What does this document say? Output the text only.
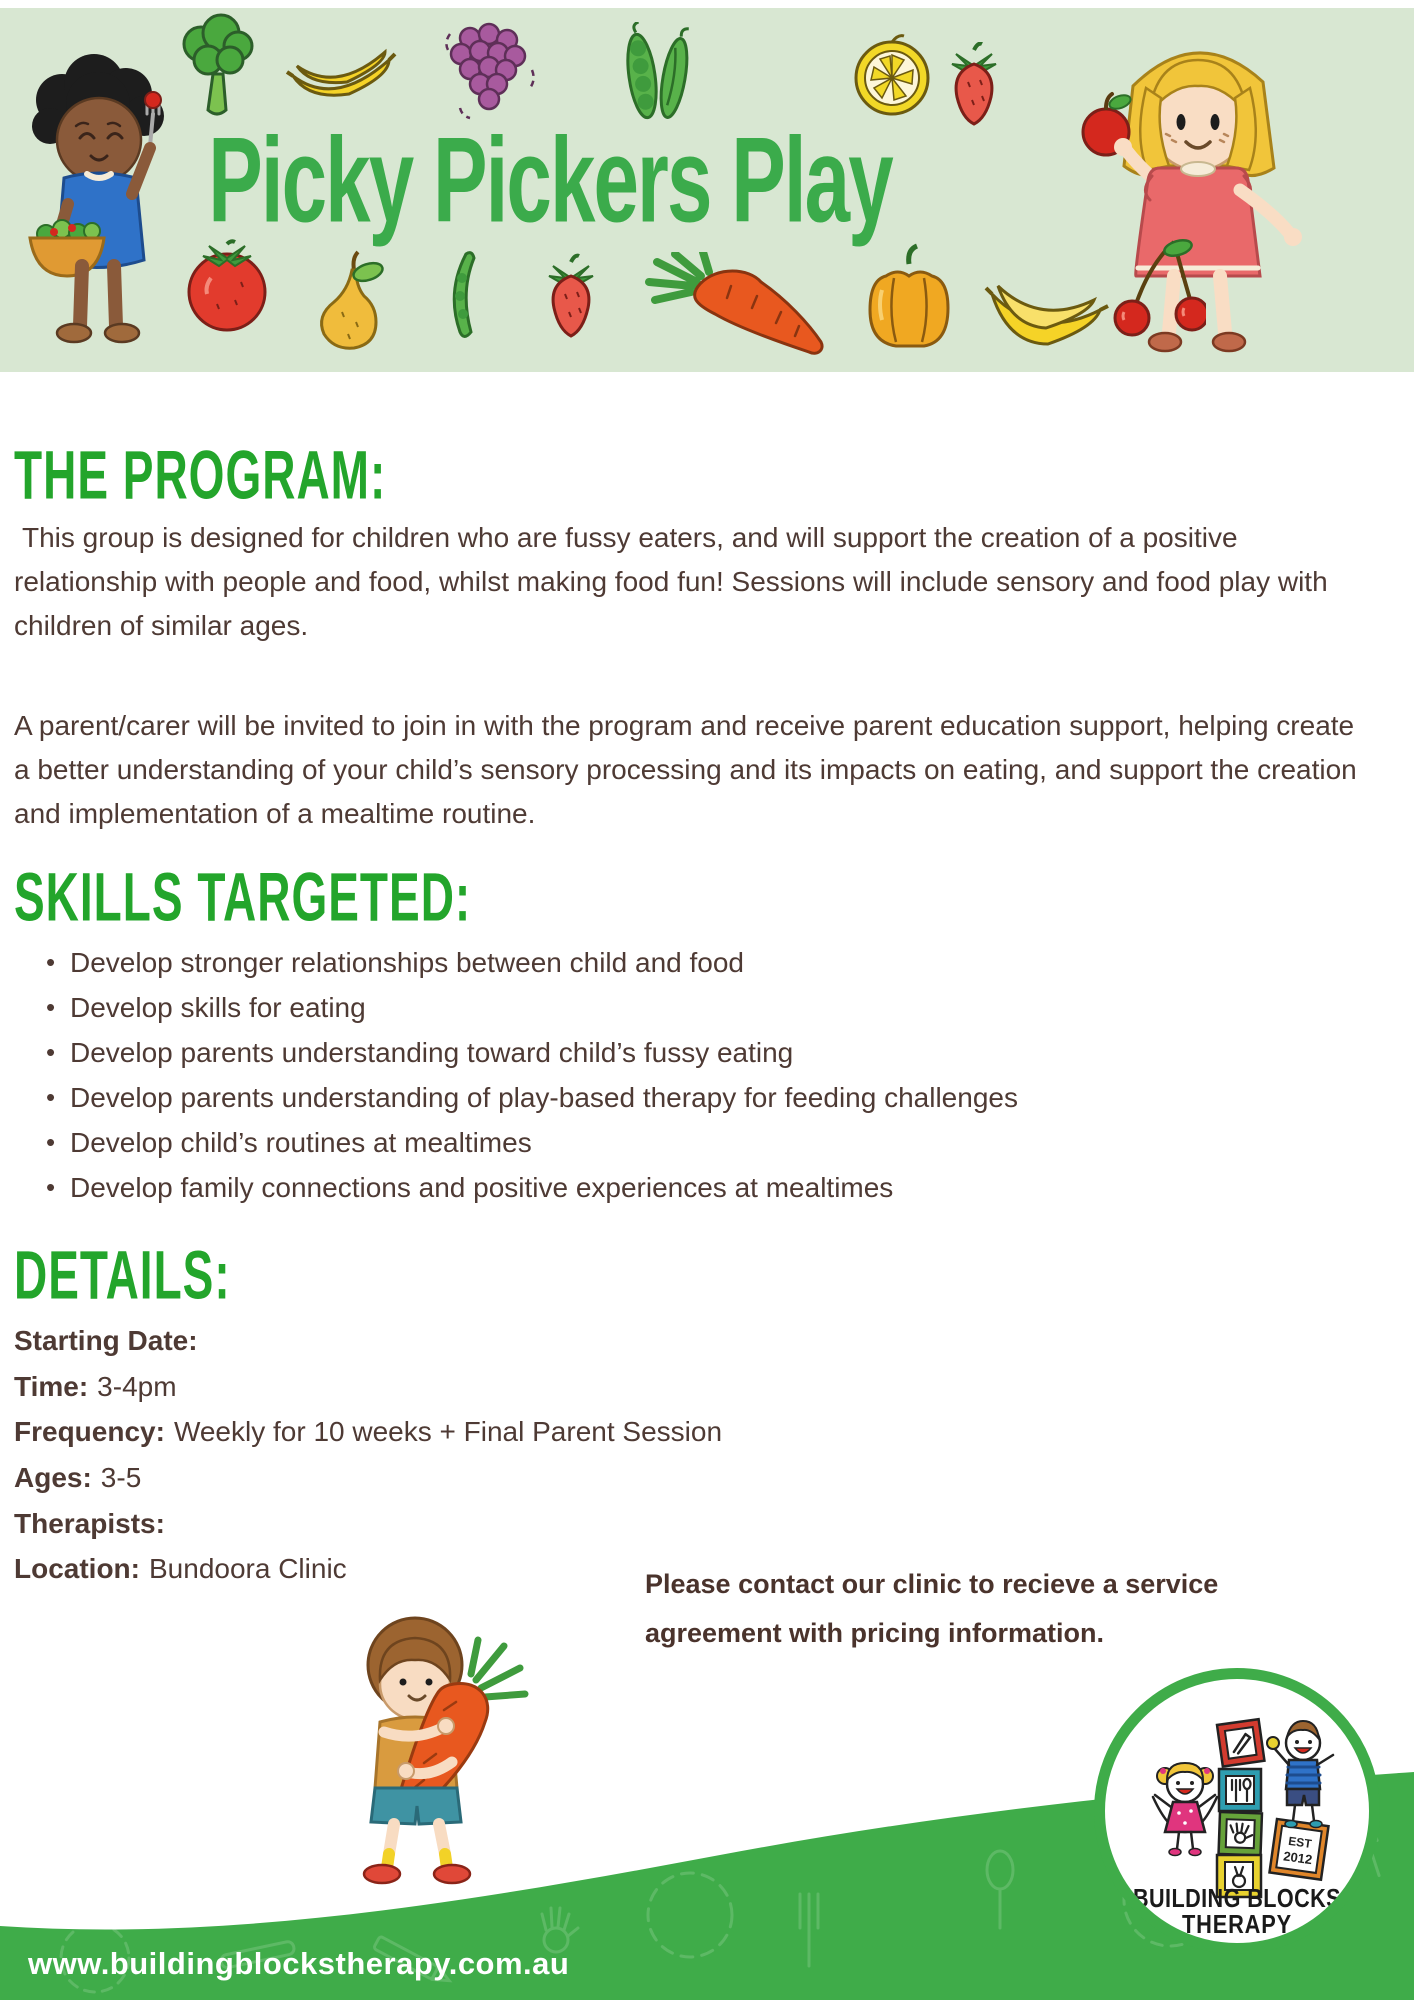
Picky Pickers Play
THE PROGRAM:

This group is designed for children who are fussy eaters, and will support the creation of a positive relationship with people and food, whilst making food fun! Sessions will include sensory and food play with children of similar ages.

A parent/carer will be invited to join in with the program and receive parent education support, helping create a better understanding of your child’s sensory processing and its impacts on eating, and support the creation and implementation of a mealtime routine.

SKILLS TARGETED:
• Develop stronger relationships between child and food
• Develop skills for eating
• Develop parents understanding toward child’s fussy eating
• Develop parents understanding of play-based therapy for feeding challenges
• Develop child’s routines at mealtimes
• Develop family connections and positive experiences at mealtimes
DETAILS:
Starting Date:
Time: 3-4pm
Frequency: Weekly for 10 weeks + Final Parent Session
Ages: 3-5
Therapists:
Location: Bundoora Clinic	Please contact our clinic to recieve a service agreement with pricing information.
www.buildingblockstherapy.com.au
EST
2012
BUILDING BLOCKS
THERAPY
